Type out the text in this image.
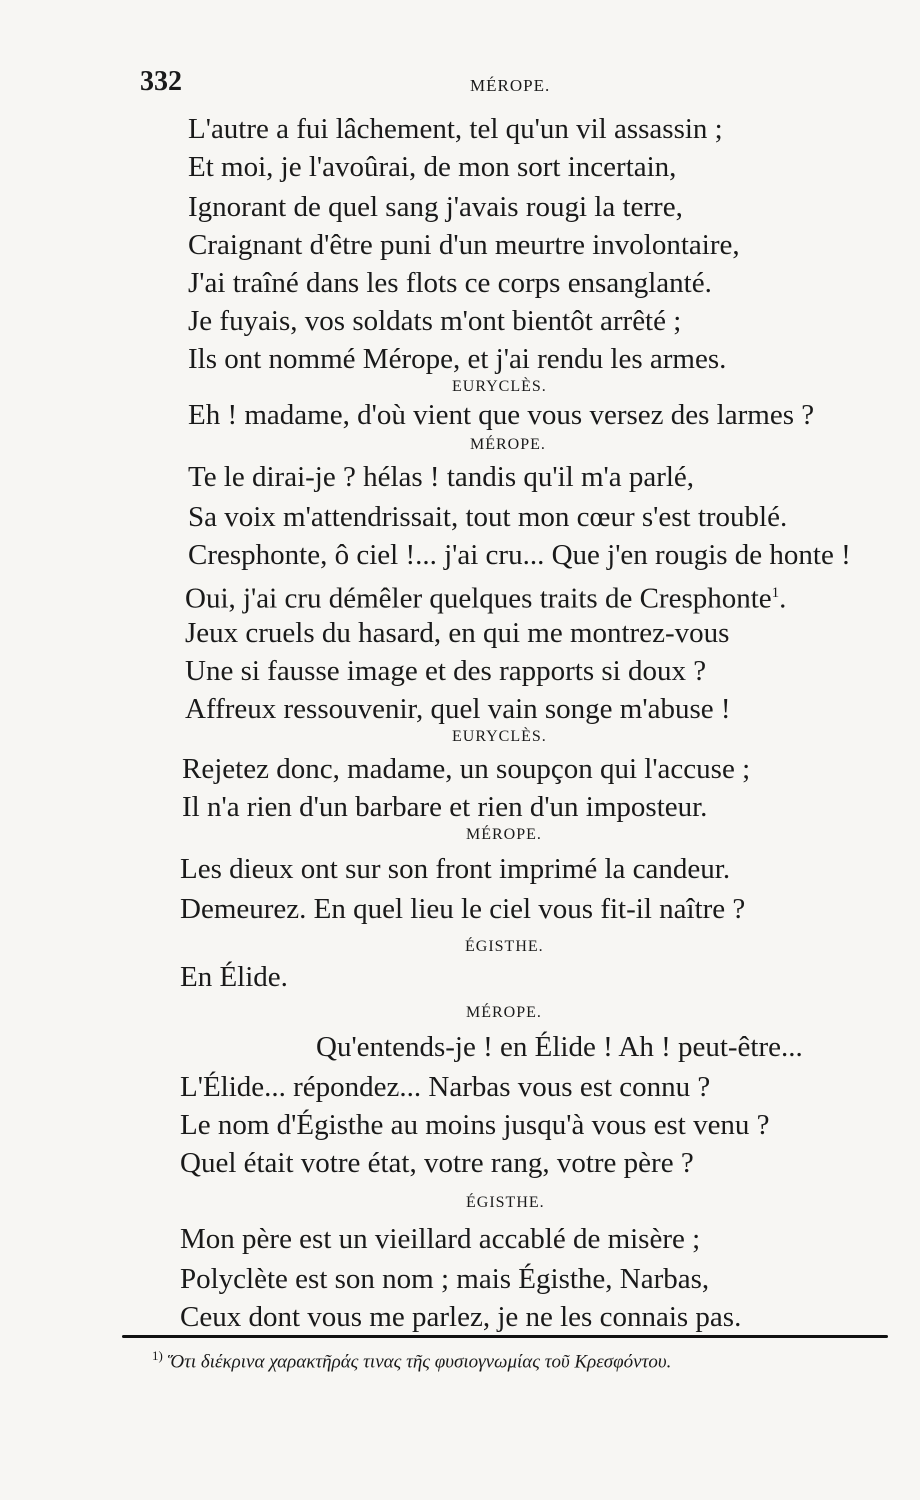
332	MÉROPE.
L'autre a fui lâchement, tel qu'un vil assassin ;
Et moi, je l'avoûrai, de mon sort incertain,
Ignorant de quel sang j'avais rougi la terre,
Craignant d'être puni d'un meurtre involontaire,
J'ai traîné dans les flots ce corps ensanglanté.
Je fuyais, vos soldats m'ont bientôt arrêté ;
Ils ont nommé Mérope, et j'ai rendu les armes.
EURYCLÈS.
Eh ! madame, d'où vient que vous versez des larmes ?
MÉROPE.
Te le dirai-je ? hélas ! tandis qu'il m'a parlé,
Sa voix m'attendrissait, tout mon cœur s'est troublé.
Cresphonte, ô ciel !... j'ai cru... Que j'en rougis de honte !
Oui, j'ai cru démêler quelques traits de Cresphonte$^1$.
Jeux cruels du hasard, en qui me montrez-vous
Une si fausse image et des rapports si doux ?
Affreux ressouvenir, quel vain songe m'abuse !
EURYCLÈS.
Rejetez donc, madame, un soupçon qui l'accuse ;
Il n'a rien d'un barbare et rien d'un imposteur.
MÉROPE.
Les dieux ont sur son front imprimé la candeur.
Demeurez. En quel lieu le ciel vous fit-il naître ?
ÉGISTHE.
En Élide.
MÉROPE.
Qu'entends-je ! en Élide ! Ah ! peut-être...
L'Élide... répondez... Narbas vous est connu ?
Le nom d'Égisthe au moins jusqu'à vous est venu ?
Quel était votre état, votre rang, votre père ?
ÉGISTHE.
Mon père est un vieillard accablé de misère ;
Polyclète est son nom ; mais Égisthe, Narbas,
Ceux dont vous me parlez, je ne les connais pas.
$^{1)}$ Ὅτι διέκρινα χαρακτῆράς τινας τῆς φυσιογνωμίας τοῦ Κρεσφόντου.
